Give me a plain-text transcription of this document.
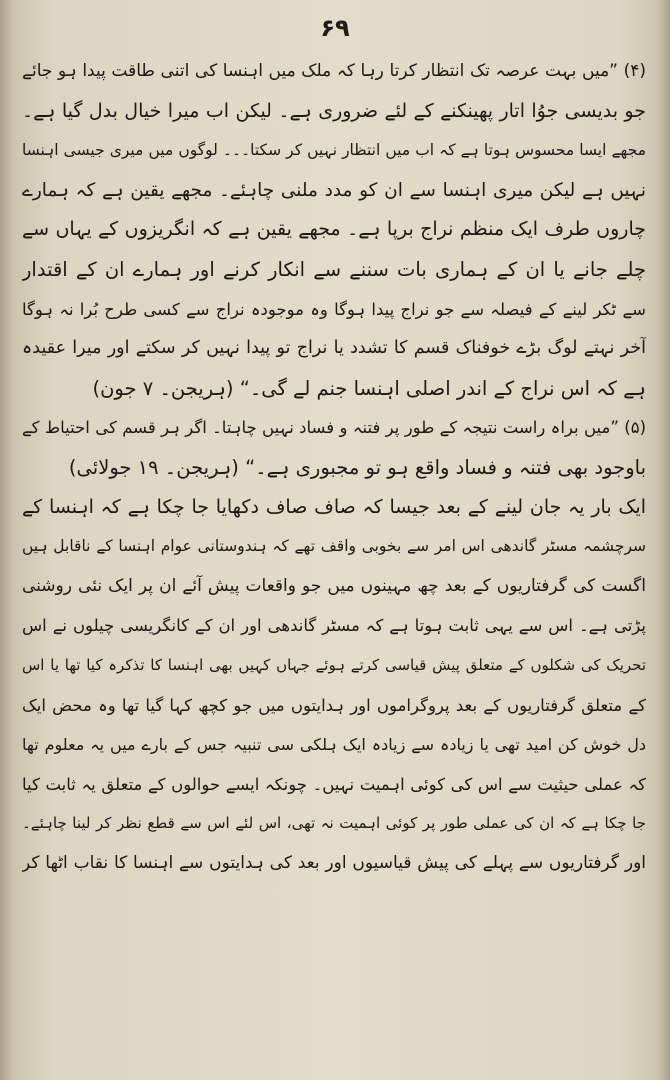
۶۹
(۴) ”میں بہت عرصہ تک انتظار کرتا رہا کہ ملک میں اہنسا کی اتنی طاقت پیدا ہو جائے
جو بدیسی جوُا اتار پھینکنے کے لئے ضروری ہے۔ لیکن اب میرا خیال بدل گیا ہے۔
مجھے ایسا محسوس ہوتا ہے کہ اب میں انتظار نہیں کر سکتا۔۔۔ لوگوں میں میری جیسی اہنسا
نہیں ہے لیکن میری اہنسا سے ان کو مدد ملنی چاہئے۔ مجھے یقین ہے کہ ہمارے
چاروں طرف ایک منظم نراج برپا ہے۔ مجھے یقین ہے کہ انگریزوں کے یہاں سے
چلے جانے یا ان کے ہماری بات سننے سے انکار کرنے اور ہمارے ان کے اقتدار
سے ٹکر لینے کے فیصلہ سے جو نراج پیدا ہوگا وہ موجودہ نراج سے کسی طرح بُرا نہ ہوگا
آخر نہتے لوگ بڑے خوفناک قسم کا تشدد یا نراج تو پیدا نہیں کر سکتے اور میرا عقیدہ
ہے کہ اس نراج کے اندر اصلی اہنسا جنم لے گی۔“ (ہریجن۔ ۷ جون)
(۵) ”میں براہ راست نتیجہ کے طور پر فتنہ و فساد نہیں چاہتا۔ اگر ہر قسم کی احتیاط کے
باوجود بھی فتنہ و فساد واقع ہو تو مجبوری ہے۔“ (ہریجن۔ ۱۹ جولائی)
ایک بار یہ جان لینے کے بعد جیسا کہ صاف صاف دکھایا جا چکا ہے کہ اہنسا کے
سرچشمہ مسٹر گاندھی اس امر سے بخوبی واقف تھے کہ ہندوستانی عوام اہنسا کے ناقابل ہیں
اگست کی گرفتاریوں کے بعد چھ مہینوں میں جو واقعات پیش آئے ان پر ایک نئی روشنی
پڑتی ہے۔ اس سے یہی ثابت ہوتا ہے کہ مسٹر گاندھی اور ان کے کانگریسی چیلوں نے اس
تحریک کی شکلوں کے متعلق پیش قیاسی کرتے ہوئے جہاں کہیں بھی اہنسا کا تذکرہ کیا تھا یا اس
کے متعلق گرفتاریوں کے بعد پروگراموں اور ہدایتوں میں جو کچھ کہا گیا تھا وہ محض ایک
دل خوش کن امید تھی یا زیادہ سے زیادہ ایک ہلکی سی تنبیہ جس کے بارے میں یہ معلوم تھا
کہ عملی حیثیت سے اس کی کوئی اہمیت نہیں۔ چونکہ ایسے حوالوں کے متعلق یہ ثابت کیا
جا چکا ہے کہ ان کی عملی طور پر کوئی اہمیت نہ تھی، اس لئے اس سے قطع نظر کر لینا چاہئے۔
اور گرفتاریوں سے پہلے کی پیش قیاسیوں اور بعد کی ہدایتوں سے اہنسا کا نقاب اٹھا کر
